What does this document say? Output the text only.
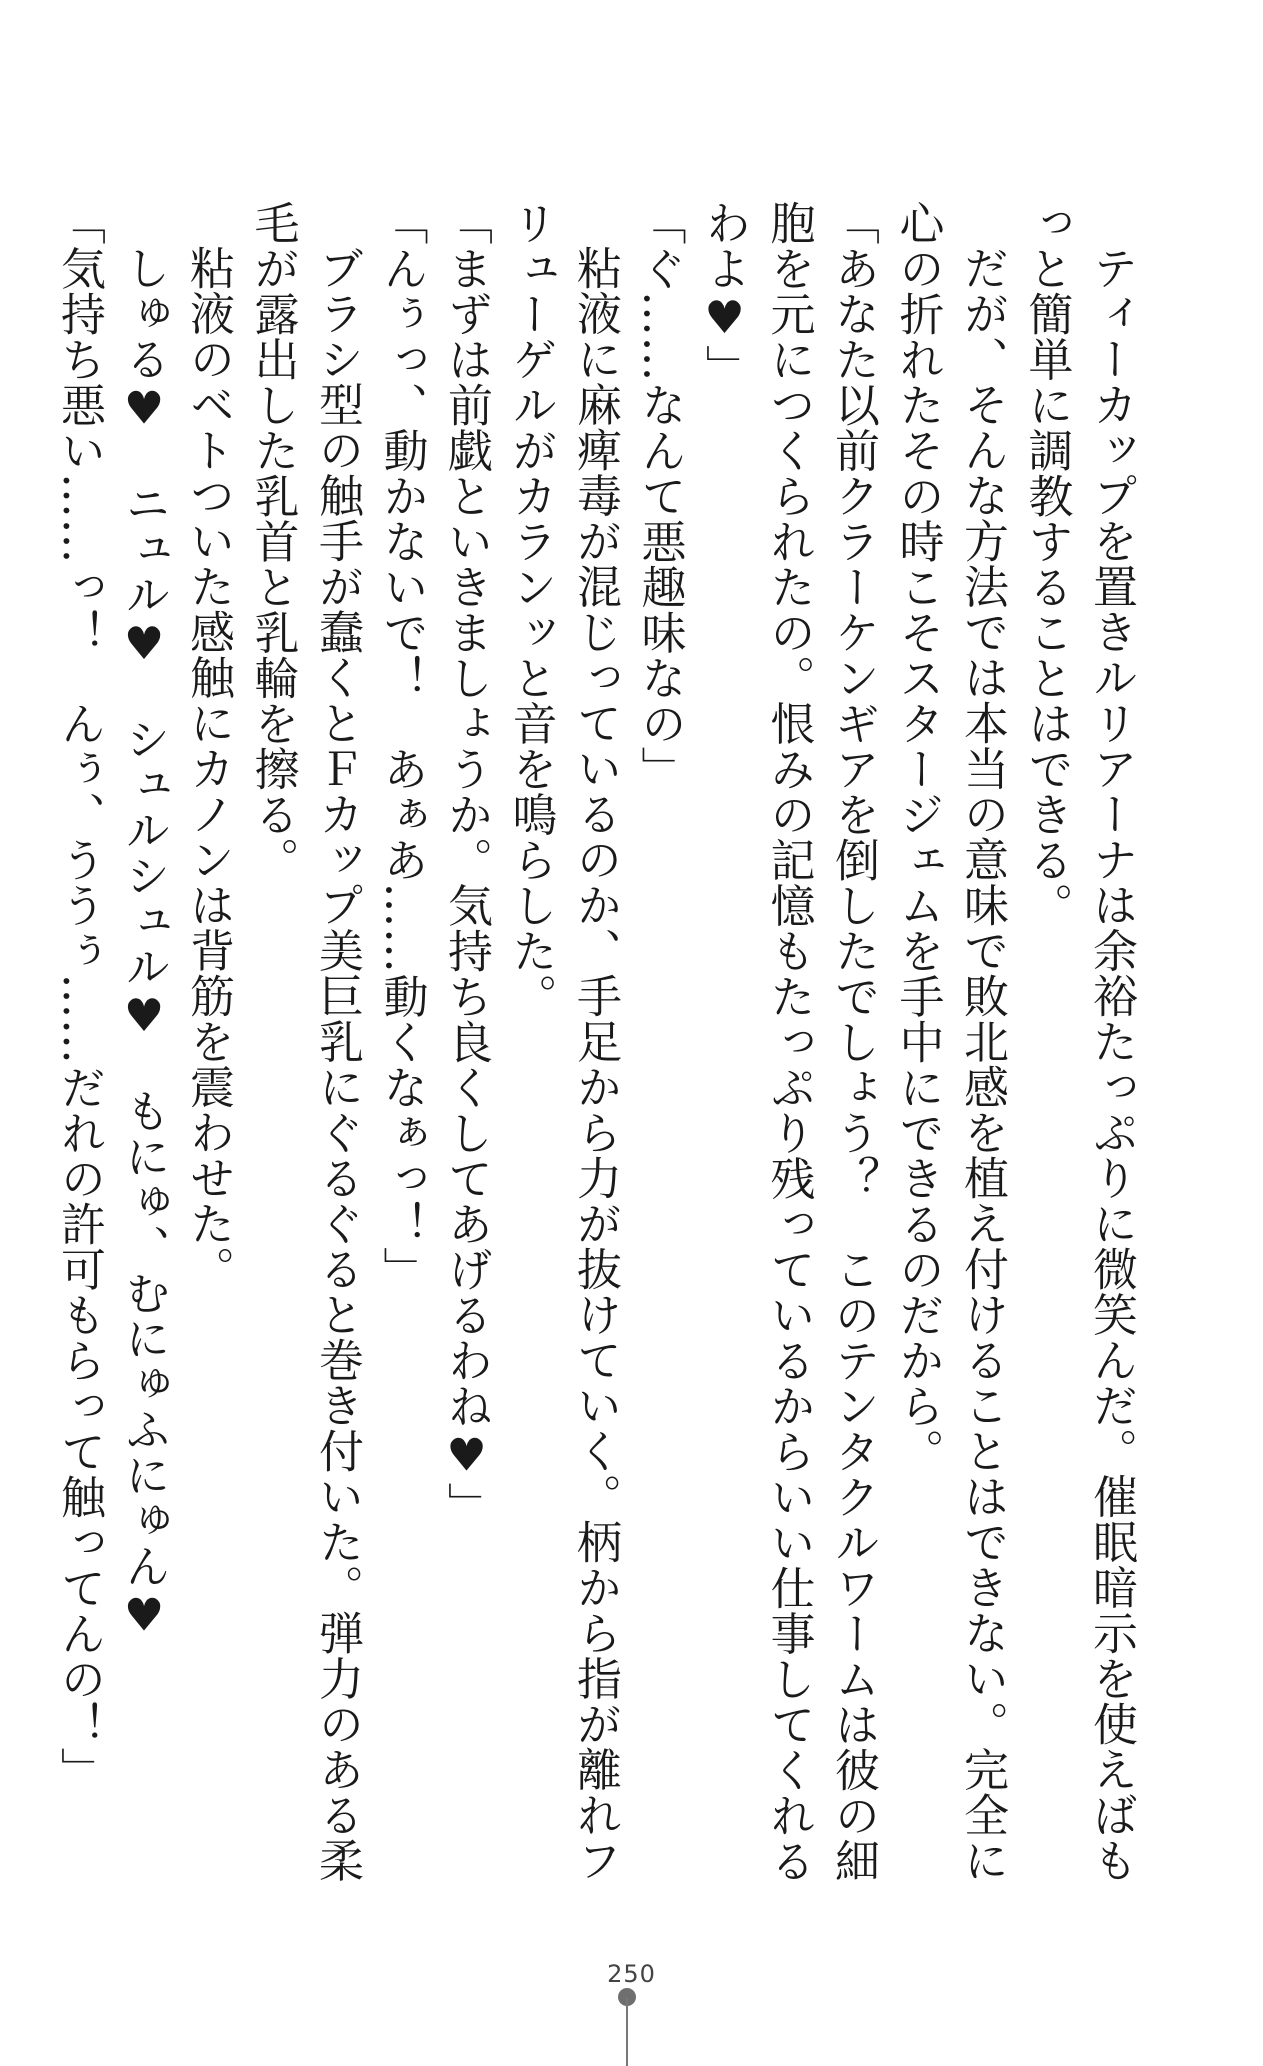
ティーカップを置きルリアーナは余裕たっぷりに微笑んだ。催眠暗示を使えばもっと簡単に調教することはできる。

だが、そんな方法では本当の意味で敗北感を植え付けることはできない。完全に心の折れたその時こそスタージェムを手中にできるのだから。

「あなた以前クラーケンギアを倒したでしょう？　このテンタクルワームは彼の細胞を元につくられたの。恨みの記憶もたっぷり残っているからいい仕事してくれるわよ♥」

「ぐ……なんて悪趣味なの」

粘液に麻痺毒が混じっているのか、手足から力が抜けていく。柄から指が離れフリューゲルがカランッと音を鳴らした。

「まずは前戯といきましょうか。気持ち良くしてあげるわね♥」

「んぅっ、動かないで！　あぁあ……動くなぁっ！」

ブラシ型の触手が蠢くとＦカップ美巨乳にぐるぐると巻き付いた。弾力のある柔毛が露出した乳首と乳輪を擦る。

粘液のベトついた感触にカノンは背筋を震わせた。

しゅる♥　ニュル♥　シュルシュル♥　もにゅ、むにゅふにゅん♥

「気持ち悪い……っ！　んぅ、ううぅ……だれの許可もらって触ってんの！」

250
